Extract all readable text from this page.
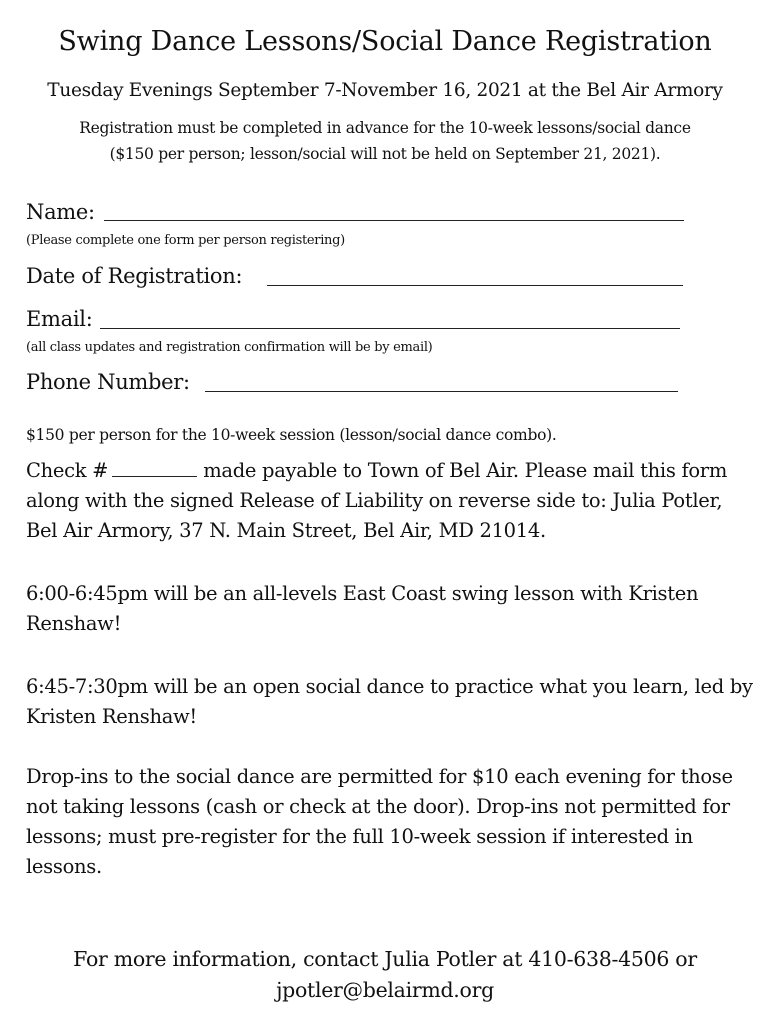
Swing Dance Lessons/Social Dance Registration
Tuesday Evenings September 7-November 16, 2021 at the Bel Air Armory
Registration must be completed in advance for the 10-week lessons/social dance
($150 per person; lesson/social will not be held on September 21, 2021).
Name:
(Please complete one form per person registering)
Date of Registration:
Email:
(all class updates and registration confirmation will be by email)
Phone Number:
$150 per person for the 10-week session (lesson/social dance combo).
Check #	made payable to Town of Bel Air. Please mail this form along with the signed Release of Liability on reverse side to: Julia Potler, Bel Air Armory, 37 N. Main Street, Bel Air, MD 21014.
6:00-6:45pm will be an all-levels East Coast swing lesson with Kristen Renshaw!
6:45-7:30pm will be an open social dance to practice what you learn, led by Kristen Renshaw!
Drop-ins to the social dance are permitted for $10 each evening for those not taking lessons (cash or check at the door). Drop-ins not permitted for lessons; must pre-register for the full 10-week session if interested in lessons.
For more information, contact Julia Potler at 410-638-4506 or
jpotler@belairmd.org
